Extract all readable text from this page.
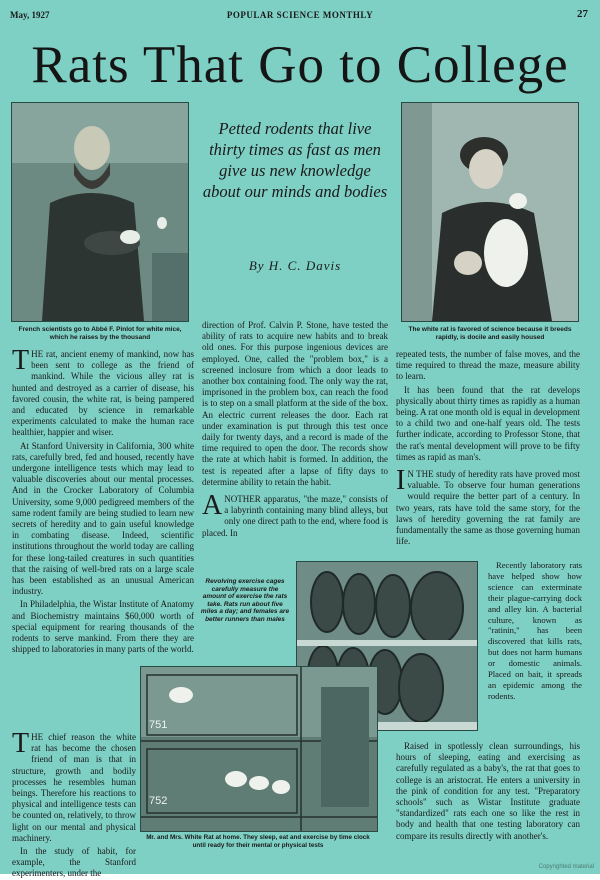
May, 1927	POPULAR SCIENCE MONTHLY	27
Rats That Go to College
French scientists go to Abbé F. Pinlot for white mice, which he raises by the thousand
Petted rodents that live thirty times as fast as men give us new knowledge about our minds and bodies
By H. C. Davis
The white rat is favored of science because it breeds rapidly, is docile and easily housed

THE rat, ancient enemy of mankind, now has been sent to college as the friend of mankind. While the vicious alley rat is hunted and destroyed as a carrier of disease, his favored cousin, the white rat, is being pampered and educated by science in remarkable experiments calculated to make the human race healthier, happier and wiser.

At Stanford University in California, 300 white rats, carefully bred, fed and housed, recently have undergone intelligence tests which may lead to valuable discoveries about our mental processes. And in the Crocker Laboratory of Columbia University, some 9,000 pedigreed members of the same rodent family are being studied to learn new secrets of heredity and to gain useful knowledge in combating disease. Indeed, scientific institutions throughout the world today are calling for these long-tailed creatures in such quantities that the raising of well-bred rats on a large scale has been established as an unusual American industry.

In Philadelphia, the Wistar Institute of Anatomy and Biochemistry maintains $60,000 worth of special equipment for rearing thousands of the rodents to serve mankind. From there they are shipped to laboratories in many parts of the world.

THE chief reason the white rat has become the chosen friend of man is that in structure, growth and bodily processes he resembles human beings. Therefore his reactions to physical and intelligence tests can be counted on, relatively, to throw light on our mental and physical machinery.

In the study of habit, for example, the Stanford experimenters, under the

direction of Prof. Calvin P. Stone, have tested the ability of rats to acquire new habits and to break old ones. For this purpose ingenious devices are employed. One, called the "problem box," is a screened inclosure from which a door leads to another box containing food. The only way the rat, imprisoned in the problem box, can reach the food is to step on a small platform at the side of the box. An electric current releases the door. Each rat under examination is put through this test once daily for twenty days, and a record is made of the time required to open the door. The records show the rate at which habit is formed. In addition, the test is repeated after a lapse of fifty days to determine ability to retain the habit.

ANOTHER apparatus, "the maze," consists of a labyrinth containing many blind alleys, but only one direct path to the end, where food is placed. In

repeated tests, the number of false moves, and the time required to thread the maze, measure ability to learn.

It has been found that the rat develops physically about thirty times as rapidly as a human being. A rat one month old is equal in development to a child two and one-half years old. The tests further indicate, according to Professor Stone, that the rat's mental development will prove to be fifty times as rapid as man's.

I N THE study of heredity rats have proved most valuable. To observe four human generations would require the better part of a century. In two years, rats have told the same story, for the laws of heredity governing the rat family are fundamentally the same as those governing human life.

Recently laboratory rats have helped show how science can exterminate their plague-carrying dock and alley kin. A bacterial culture, known as "ratinin," has been discovered that kills rats, but does not harm humans or domestic animals. Placed on bait, it spreads an epidemic among the rodents.

Raised in spotlessly clean surroundings, his hours of sleeping, eating and exercising as carefully regulated as a baby's, the rat that goes to college is an aristocrat. He enters a university in the pink of condition for any test. "Preparatory schools" such as Wistar Institute graduate "standardized" rats each one so like the rest in body and health that one testing laboratory can compare its results directly with another's.

Revolving exercise cages carefully measure the amount of exercise the rats take. Rats run about five miles a day; and females are better runners than males
751
752
Mr. and Mrs. White Rat at home. They sleep, eat and exercise by time clock until ready for their mental or physical tests
Copyrighted material
